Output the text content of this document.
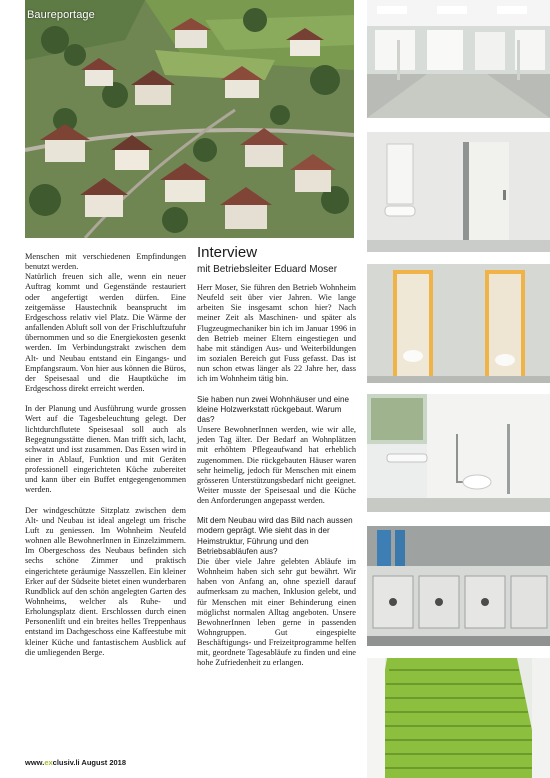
Baureportage	31

Menschen mit verschiedenen Empfindungen benutzt werden.

Natürlich freuen sich alle, wenn ein neuer Auftrag kommt und Gegenstände restauriert oder angefertigt werden dürfen. Eine zeitgemässe Haustechnik beansprucht im Erdgeschoss relativ viel Platz. Die Wärme der anfallenden Abluft soll von der Frischluftzufuhr übernommen und so die Energiekosten gesenkt werden. Im Verbindungstrakt zwischen dem Alt- und Neubau entstand ein Eingangs- und Empfangsraum. Von hier aus können die Büros, der Speisesaal und die Hauptküche im Erdgeschoss direkt erreicht werden.

In der Planung und Ausführung wurde grossen Wert auf die Tagesbeleuchtung gelegt. Der lichtdurchflutete Speisesaal soll auch als Begegnungsstätte dienen. Man trifft sich, lacht, schwatzt und isst zusammen. Das Essen wird in einer in Ablauf, Funktion und mit Geräten professionell eingerichteten Küche zubereitet und kann über ein Buffet entgegengenommen werden.

Der windgeschützte Sitzplatz zwischen dem Alt- und Neubau ist ideal angelegt um frische Luft zu geniessen. Im Wohnheim Neufeld wohnen alle BewohnerInnen in Einzelzimmern. Im Obergeschoss des Neubaus befinden sich sechs schöne Zimmer und praktisch eingerichtete geräumige Nasszellen. Ein kleiner Erker auf der Südseite bietet einen wunderbaren Rundblick auf den schön angelegten Garten des Wohnheims, welcher als Ruhe- und Erholungsplatz dient. Erschlossen durch einen Personenlift und ein breites helles Treppenhaus entstand im Dachgeschoss eine Kaffeestube mit kleiner Küche und fantastischem Ausblick auf die umliegenden Berge.

Interview
mit Betriebsleiter Eduard Moser

Herr Moser, Sie führen den Betrieb Wohnheim Neufeld seit über vier Jahren. Wie lange arbeiten Sie insgesamt schon hier? Nach meiner Zeit als Maschinen- und später als Flugzeugmechaniker bin ich im Januar 1996 in den Betrieb meiner Eltern eingestiegen und habe mit ständigen Aus- und Weiterbildungen im sozialen Bereich gut Fuss gefasst. Das ist nun schon etwas länger als 22 Jahre her, dass ich im Wohnheim tätig bin.

Sie haben nun zwei Wohnhäuser und eine kleine Holzwerkstatt rückgebaut. Warum das?

Unsere BewohnerInnen werden, wie wir alle, jeden Tag älter. Der Bedarf an Wohnplätzen mit erhöhtem Pflegeaufwand hat erheblich zugenommen. Die rückgebauten Häuser waren sehr heimelig, jedoch für Menschen mit einem grösseren Unterstützungsbedarf nicht geeignet. Weiter musste der Speisesaal und die Küche den Anforderungen angepasst werden.

Mit dem Neubau wird das Bild nach aussen modern geprägt. Wie sieht das in der Heimstruktur, Führung und den Betriebsabläufen aus?

Die über viele Jahre gelebten Abläufe im Wohnheim haben sich sehr gut bewährt. Wir haben von Anfang an, ohne speziell darauf aufmerksam zu machen, Inklusion gelebt, und für Menschen mit einer Behinderung einen möglichst normalen Alltag angeboten. Unsere BewohnerInnen leben gerne in passenden Wohngruppen. Gut eingespielte Beschäftigungs- und Freizeitprogramme helfen mit, geordnete Tagesabläufe zu finden und eine hohe Zufriedenheit zu erlangen.

www.exclusiv.li August 2018
